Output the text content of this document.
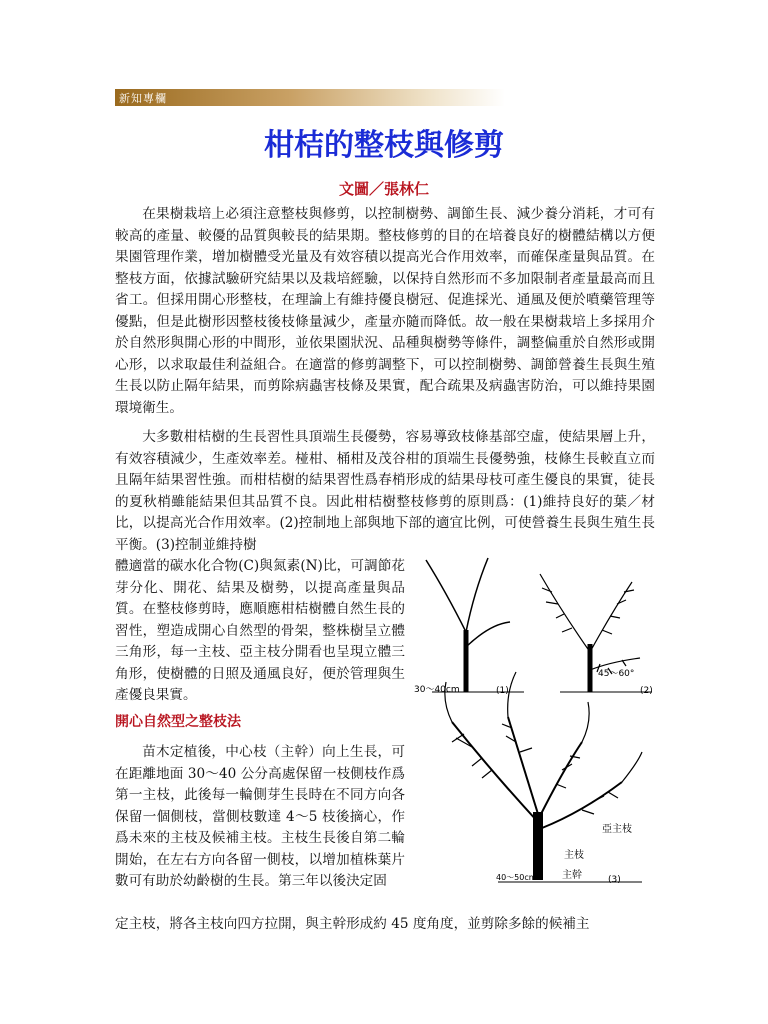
新知專欄
柑桔的整枝與修剪
文圖／張林仁

在果樹栽培上必須注意整枝與修剪，以控制樹勢、調節生長、減少養分消耗，才可有較高的產量、較優的品質與較長的結果期。整枝修剪的目的在培養良好的樹體結構以方便果園管理作業，增加樹體受光量及有效容積以提高光合作用效率，而確保產量與品質。在整枝方面，依據試驗研究結果以及栽培經驗，以保持自然形而不多加限制者產量最高而且省工。但採用開心形整枝，在理論上有維持優良樹冠、促進採光、通風及便於噴藥管理等優點，但是此樹形因整枝後枝條量減少，產量亦隨而降低。故一般在果樹栽培上多採用介於自然形與開心形的中間形，並依果園狀況、品種與樹勢等條件，調整偏重於自然形或開心形，以求取最佳利益組合。在適當的修剪調整下，可以控制樹勢、調節營養生長與生殖生長以防止隔年結果，而剪除病蟲害枝條及果實，配合疏果及病蟲害防治，可以維持果園環境衛生。

大多數柑桔樹的生長習性具頂端生長優勢，容易導致枝條基部空虛，使結果層上升，有效容積減少，生產效率差。椪柑、桶柑及茂谷柑的頂端生長優勢強，枝條生長較直立而且隔年結果習性強。而柑桔樹的結果習性爲春梢形成的結果母枝可產生優良的果實，徒長的夏秋梢雖能結果但其品質不良。因此柑桔樹整枝修剪的原則爲：(1)維持良好的葉／材比，以提高光合作用效率。(2)控制地上部與地下部的適宜比例，可使營養生長與生殖生長平衡。(3)控制並維持樹

體適當的碳水化合物(C)與氮素(N)比，可調節花芽分化、開花、結果及樹勢，以提高產量與品質。在整枝修剪時，應順應柑桔樹體自然生長的習性，塑造成開心自然型的骨架，整株樹呈立體三角形，每一主枝、亞主枝分開看也呈現立體三角形，使樹體的日照及通風良好，便於管理與生產優良果實。

開心自然型之整枝法

苗木定植後，中心枝（主幹）向上生長，可在距離地面 30～40 公分高處保留一枝側枝作爲第一主枝，此後每一輪側芽生長時在不同方向各保留一個側枝，當側枝數達 4～5 枝後摘心，作爲未來的主枝及候補主枝。主枝生長後自第二輪開始，在左右方向各留一側枝，以增加植株葉片數可有助於幼齡樹的生長。第三年以後決定固

定主枝，將各主枝向四方拉開，與主幹形成約 45 度角度，並剪除多餘的候補主

30～40cm	(1)
45～60°
(2)
亞主枝
主枝
主幹
40～50cm	(3)
